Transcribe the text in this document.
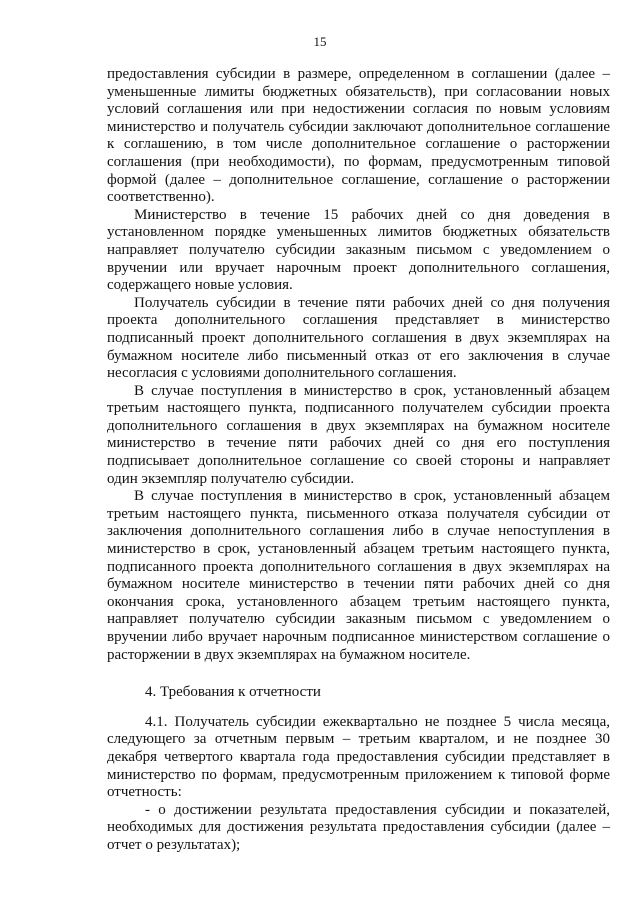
15

предоставления субсидии в размере, определенном в соглашении (далее – уменьшенные лимиты бюджетных обязательств), при согласовании новых условий соглашения или при недостижении согласия по новым условиям министерство и получатель субсидии заключают дополнительное соглашение к соглашению, в том числе дополнительное соглашение о расторжении соглашения (при необходимости), по формам, предусмотренным типовой формой (далее – дополнительное соглашение, соглашение о расторжении соответственно).

Министерство в течение 15 рабочих дней со дня доведения в установленном порядке уменьшенных лимитов бюджетных обязательств направляет получателю субсидии заказным письмом с уведомлением о вручении или вручает нарочным проект дополнительного соглашения, содержащего новые условия.

Получатель субсидии в течение пяти рабочих дней со дня получения проекта дополнительного соглашения представляет в министерство подписанный проект дополнительного соглашения в двух экземплярах на бумажном носителе либо письменный отказ от его заключения в случае несогласия с условиями дополнительного соглашения.

В случае поступления в министерство в срок, установленный абзацем третьим настоящего пункта, подписанного получателем субсидии проекта дополнительного соглашения в двух экземплярах на бумажном носителе министерство в течение пяти рабочих дней со дня его поступления подписывает дополнительное соглашение со своей стороны и направляет один экземпляр получателю субсидии.

В случае поступления в министерство в срок, установленный абзацем третьим настоящего пункта, письменного отказа получателя субсидии от заключения дополнительного соглашения либо в случае непоступления в министерство в срок, установленный абзацем третьим настоящего пункта, подписанного проекта дополнительного соглашения в двух экземплярах на бумажном носителе министерство в течении пяти рабочих дней со дня окончания срока, установленного абзацем третьим настоящего пункта, направляет получателю субсидии заказным письмом с уведомлением о вручении либо вручает нарочным подписанное министерством соглашение о расторжении в двух экземплярах на бумажном носителе.

4. Требования к отчетности

4.1. Получатель субсидии ежеквартально не позднее 5 числа месяца, следующего за отчетным первым – третьим кварталом, и не позднее 30 декабря четвертого квартала года предоставления субсидии представляет в министерство по формам, предусмотренным приложением к типовой форме отчетность:

- о достижении результата предоставления субсидии и показателей, необходимых для достижения результата предоставления субсидии (далее – отчет о результатах);
